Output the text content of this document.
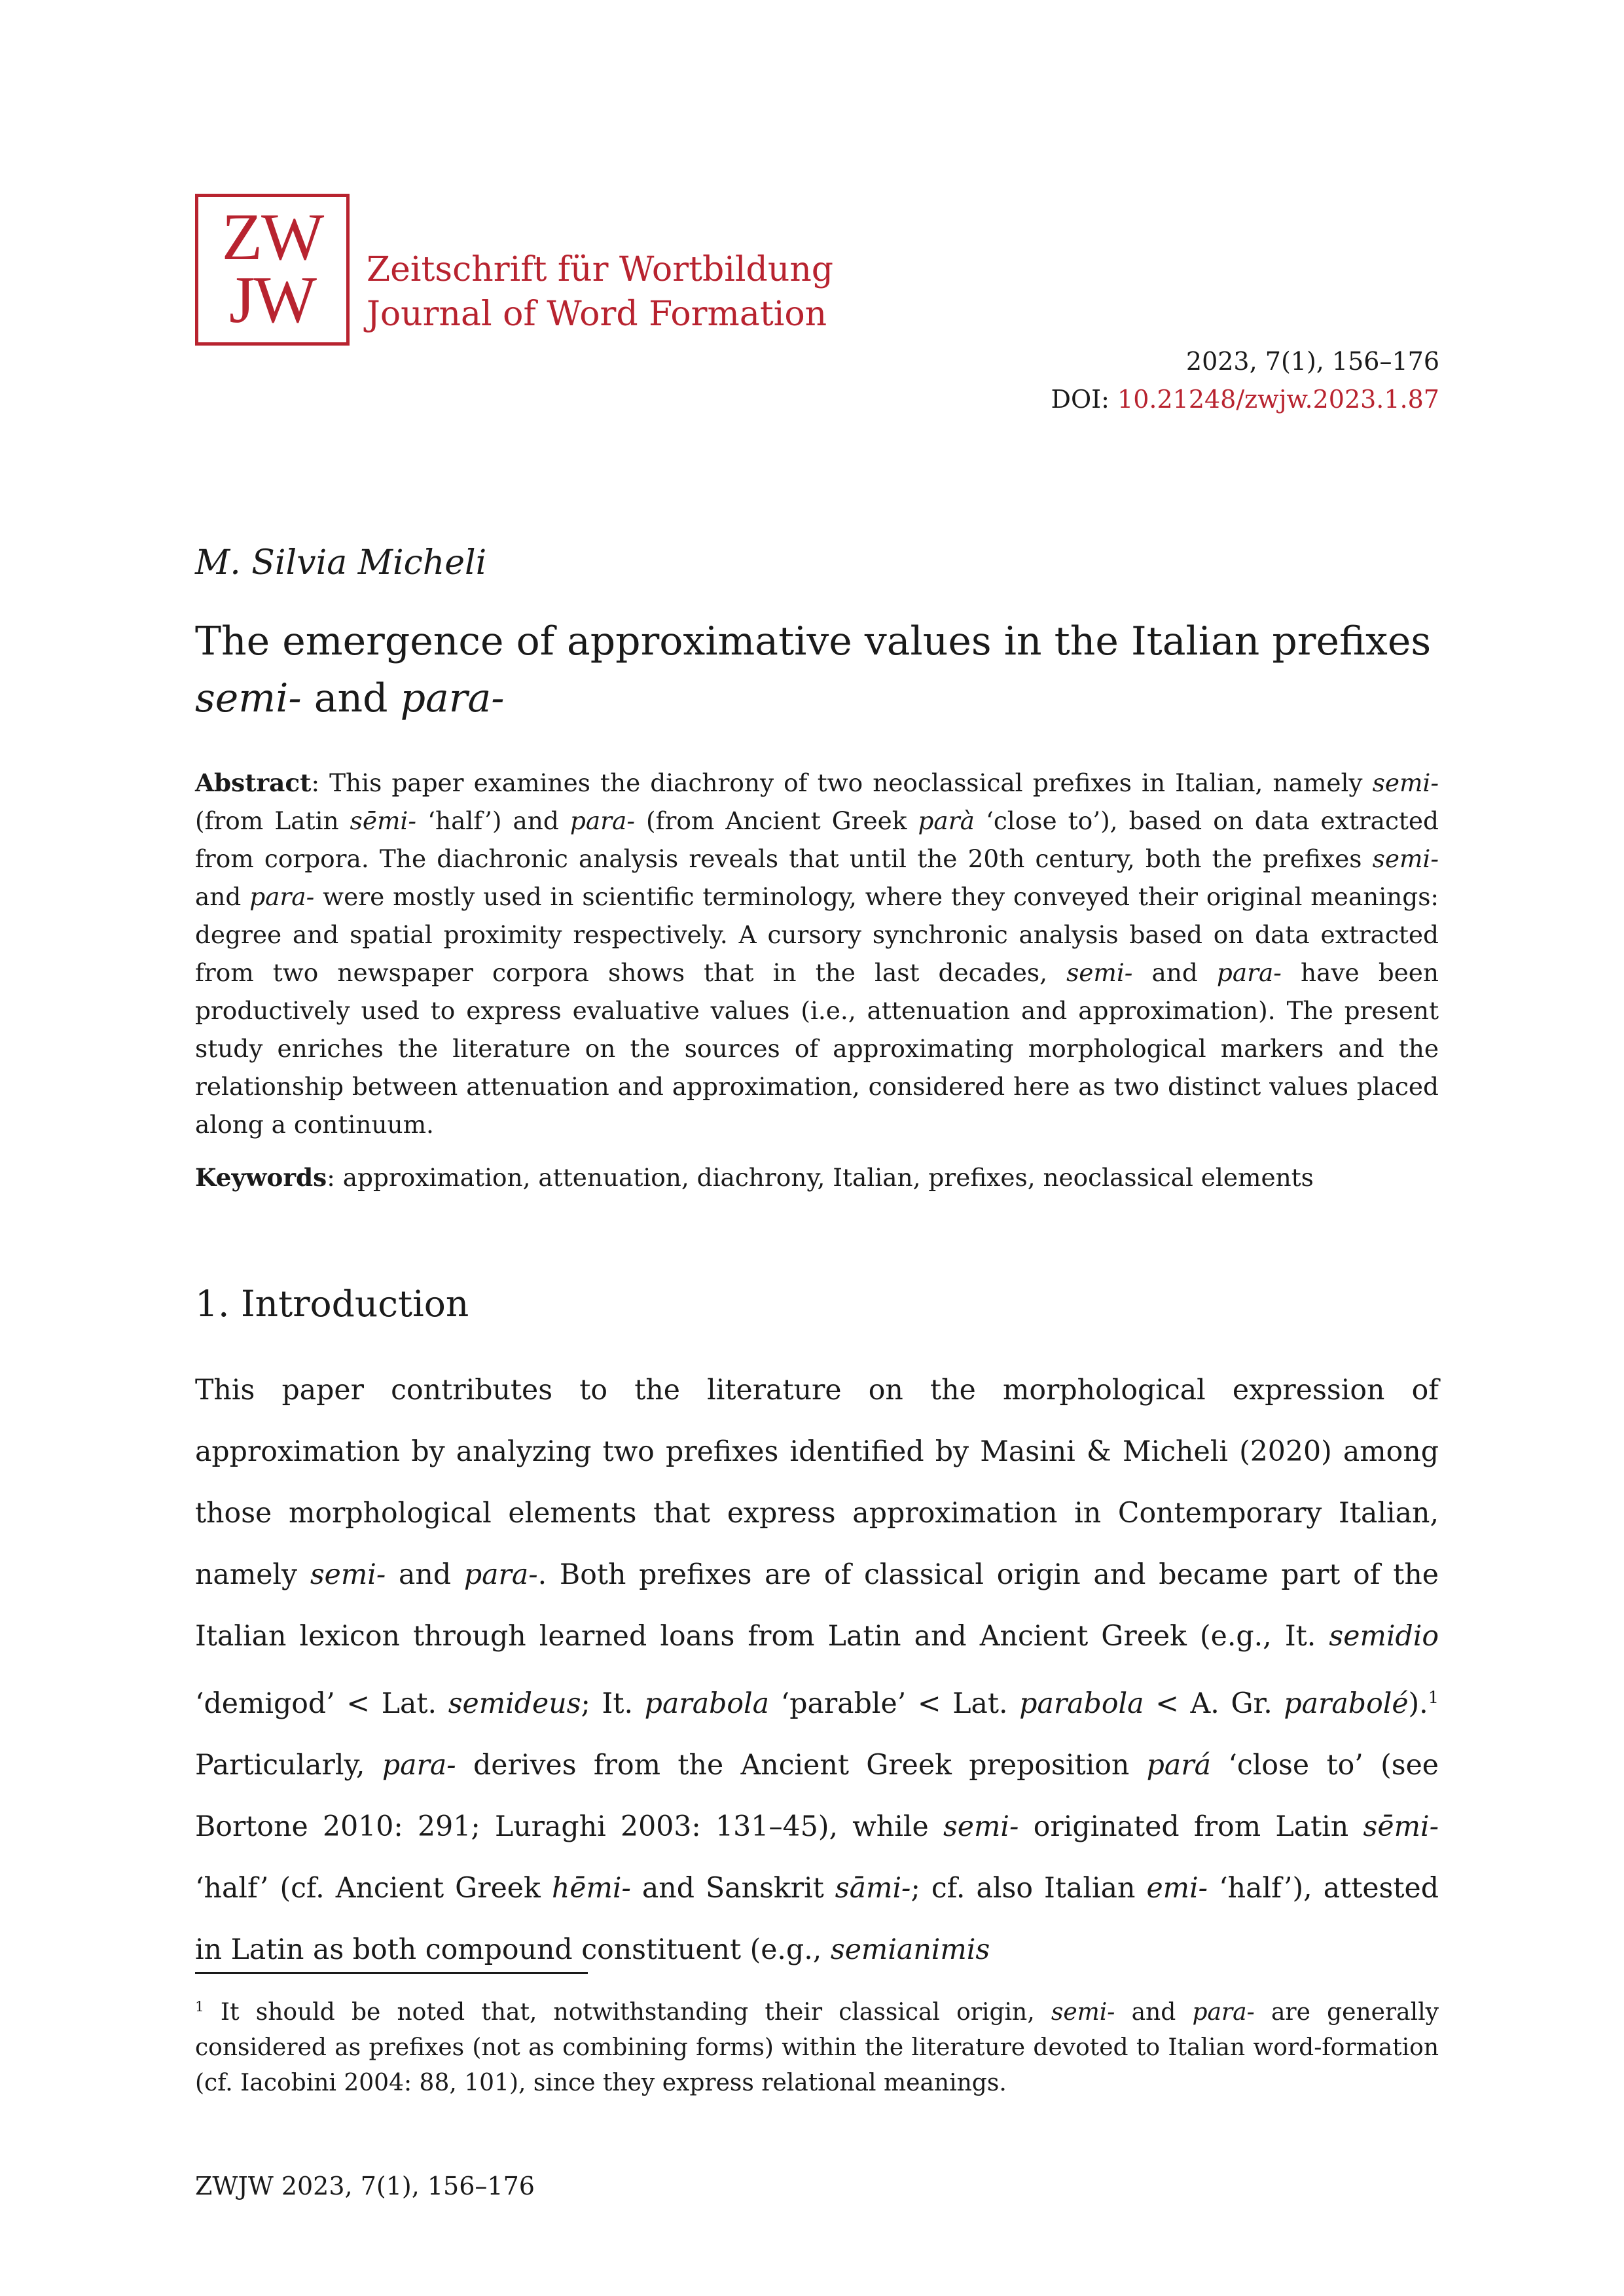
ZW
JW	Zeitschrift für Wortbildung
Journal of Word Formation
2023, 7(1), 156–176
DOI: 10.21248/zwjw.2023.1.87
M. Silvia Micheli
The emergence of approximative values in the Italian prefixes
semi- and para-
Abstract: This paper examines the diachrony of two neoclassical prefixes in Italian, namely semi- (from Latin sēmi- ‘half’) and para- (from Ancient Greek parà ‘close to’), based on data extracted from corpora. The diachronic analysis reveals that until the 20th century, both the prefixes semi- and para- were mostly used in scientific terminology, where they conveyed their original meanings: degree and spatial proximity respectively. A cursory synchronic analysis based on data extracted from two newspaper corpora shows that in the last decades, semi- and para- have been productively used to express evaluative values (i.e., attenuation and approximation). The present study enriches the literature on the sources of approximating morphological markers and the relationship between attenuation and approximation, considered here as two distinct values placed along a continuum.
Keywords: approximation, attenuation, diachrony, Italian, prefixes, neoclassical elements
1. Introduction
This paper contributes to the literature on the morphological expression of approximation by analyzing two prefixes identified by Masini & Micheli (2020) among those morphological elements that express approximation in Contemporary Italian, namely semi- and para-. Both prefixes are of classical origin and became part of the Italian lexicon through learned loans from Latin and Ancient Greek (e.g., It. semidio ‘demigod’ < Lat. semideus; It. parabola ‘parable’ < Lat. parabola < A. Gr. parabolé).$^1$ Particularly, para- derives from the Ancient Greek preposition pará ‘close to’ (see Bortone 2010: 291; Luraghi 2003: 131–45), while semi- originated from Latin sēmi- ‘half’ (cf. Ancient Greek hēmi- and Sanskrit sāmi-; cf. also Italian emi- ‘half’), attested in Latin as both compound constituent (e.g., semianimis
$^1$ It should be noted that, notwithstanding their classical origin, semi- and para- are generally considered as prefixes (not as combining forms) within the literature devoted to Italian word-formation (cf. Iacobini 2004: 88, 101), since they express relational meanings.
ZWJW 2023, 7(1), 156–176
